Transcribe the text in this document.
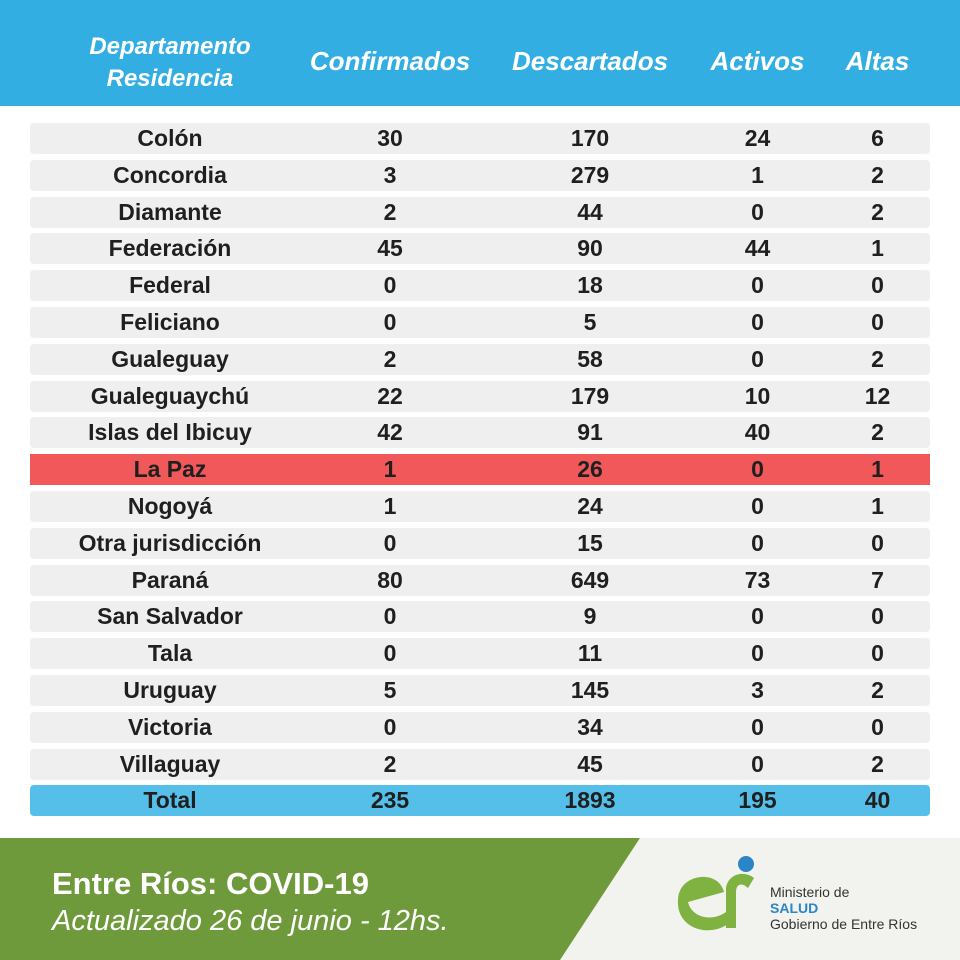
Departamento
Residencia
Confirmados	Descartados	Activos	Altas
Colón	30	170	24	6
Concordia	3	279	1	2
Diamante	2	44	0	2
Federación	45	90	44	1
Federal	0	18	0	0
Feliciano	0	5	0	0
Gualeguay	2	58	0	2
Gualeguaychú	22	179	10	12
Islas del Ibicuy	42	91	40	2
La Paz	1	26	0	1
Nogoyá	1	24	0	1
Otra jurisdicción	0	15	0	0
Paraná	80	649	73	7
San Salvador	0	9	0	0
Tala	0	11	0	0
Uruguay	5	145	3	2
Victoria	0	34	0	0
Villaguay	2	45	0	2
Total	235	1893	195	40
Entre Ríos: COVID-19
Actualizado 26 de junio - 12hs.
Ministerio de
SALUD
Gobierno de Entre Ríos
